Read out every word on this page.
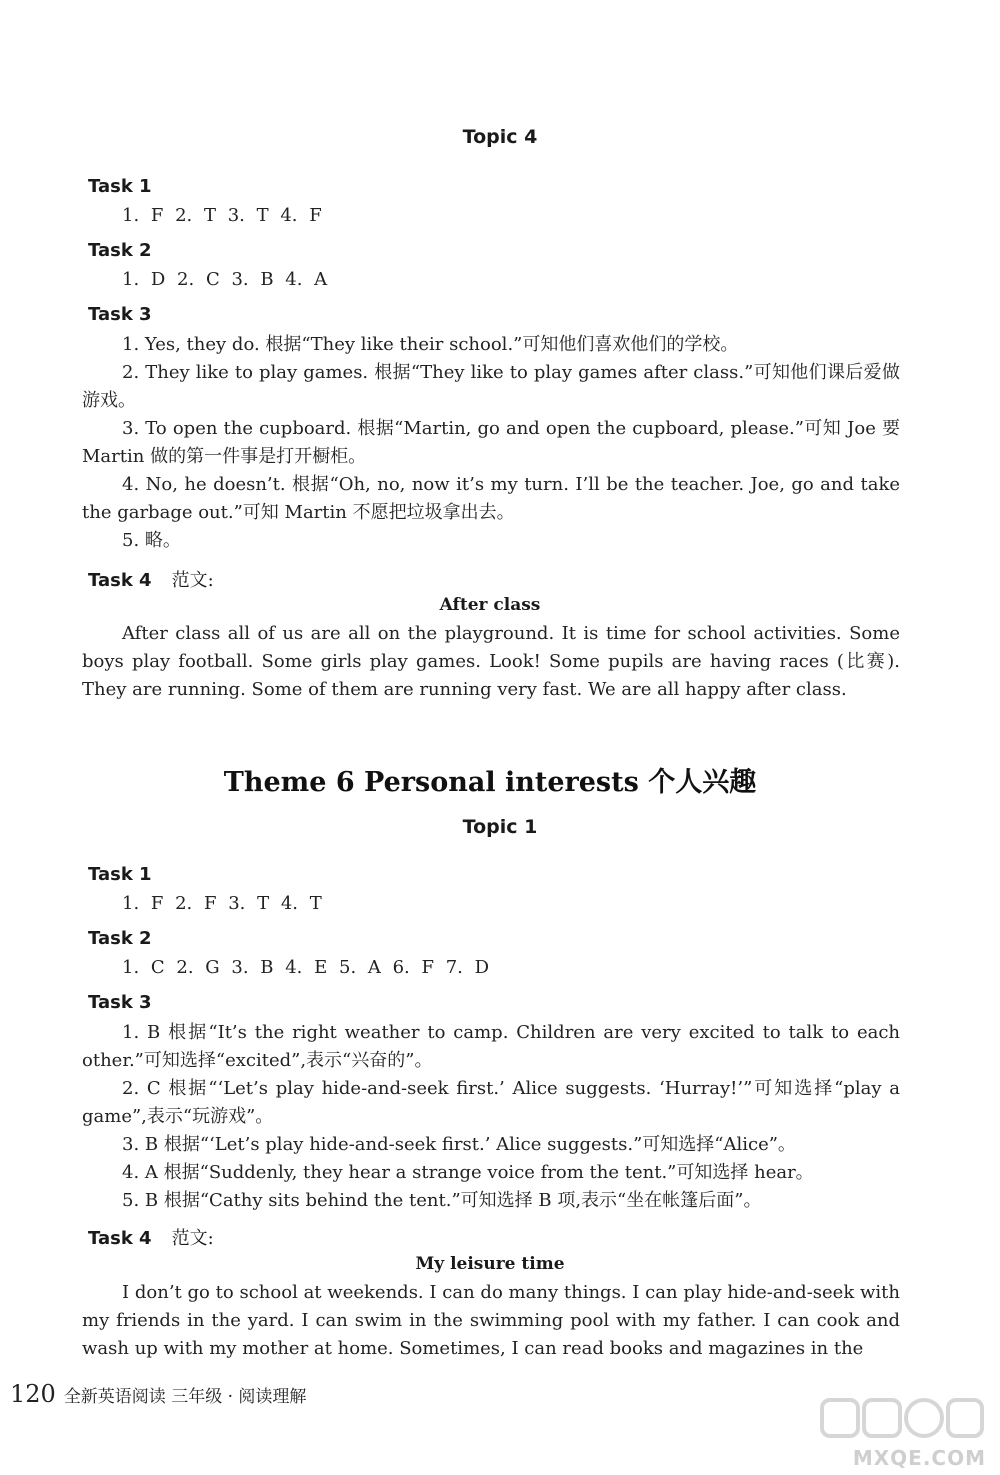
Topic 4
Task 1
1. F 2. T 3. T 4. F
Task 2
1. D 2. C 3. B 4. A
Task 3
1. Yes, they do. 根据“They like their school.”可知他们喜欢他们的学校。
2. They like to play games. 根据“They like to play games after class.”可知他们课后爱做游戏。
3. To open the cupboard. 根据“Martin, go and open the cupboard, please.”可知 Joe 要 Martin 做的第一件事是打开橱柜。
4. No, he doesn’t. 根据“Oh, no, now it’s my turn. I’ll be the teacher. Joe, go and take the garbage out.”可知 Martin 不愿把垃圾拿出去。
5. 略。
Task 4 范文:
After class
After class all of us are all on the playground. It is time for school activities. Some boys play football. Some girls play games. Look! Some pupils are having races (比赛). They are running. Some of them are running very fast. We are all happy after class.
Theme 6 Personal interests 个人兴趣
Topic 1
Task 1
1. F 2. F 3. T 4. T
Task 2
1. C 2. G 3. B 4. E 5. A 6. F 7. D
Task 3
1. B 根据“It’s the right weather to camp. Children are very excited to talk to each other.”可知选择“excited”,表示“兴奋的”。
2. C 根据“‘Let’s play hide-and-seek first.’ Alice suggests. ‘Hurray!’”可知选择“play a game”,表示“玩游戏”。
3. B 根据“‘Let’s play hide-and-seek first.’ Alice suggests.”可知选择“Alice”。
4. A 根据“Suddenly, they hear a strange voice from the tent.”可知选择 hear。
5. B 根据“Cathy sits behind the tent.”可知选择 B 项,表示“坐在帐篷后面”。
Task 4 范文:
My leisure time
I don’t go to school at weekends. I can do many things. I can play hide-and-seek with my friends in the yard. I can swim in the swimming pool with my father. I can cook and wash up with my mother at home. Sometimes, I can read books and magazines in the
120 全新英语阅读 三年级 · 阅读理解
MXQE.COM
